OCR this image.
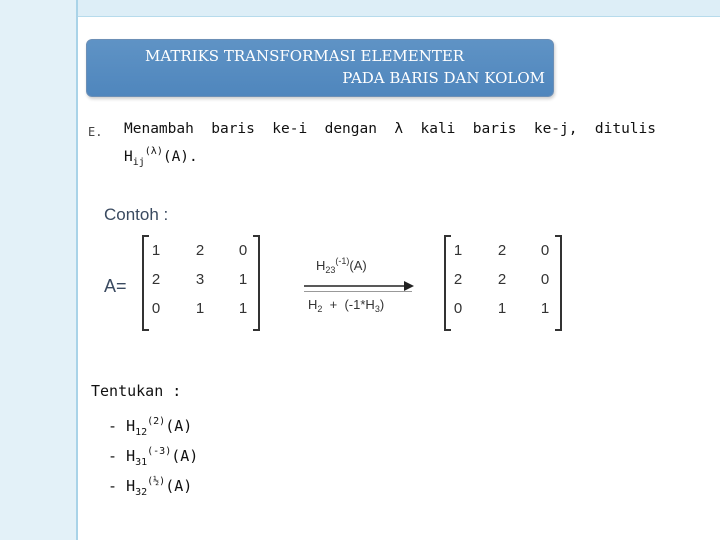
MATRIKS TRANSFORMASI ELEMENTER
PADA BARIS DAN KOLOM
E. Menambah baris ke-i dengan λ kali baris ke-j, ditulis
$H_{ij}^{(\lambda)}(A)$.
Contoh :
A=
1	2	0
2	3	1
0	1	1
$H_{23}^{(-1)}(A)$
$H_2 + (-1*H_3)$
1	2	0
2	2	0
0	1	1
Tentukan :
- $H_{12}^{(2)}(A)$
- $H_{31}^{(-3)}(A)$
- $H_{32}^{(\frac{1}{2})}(A)$
